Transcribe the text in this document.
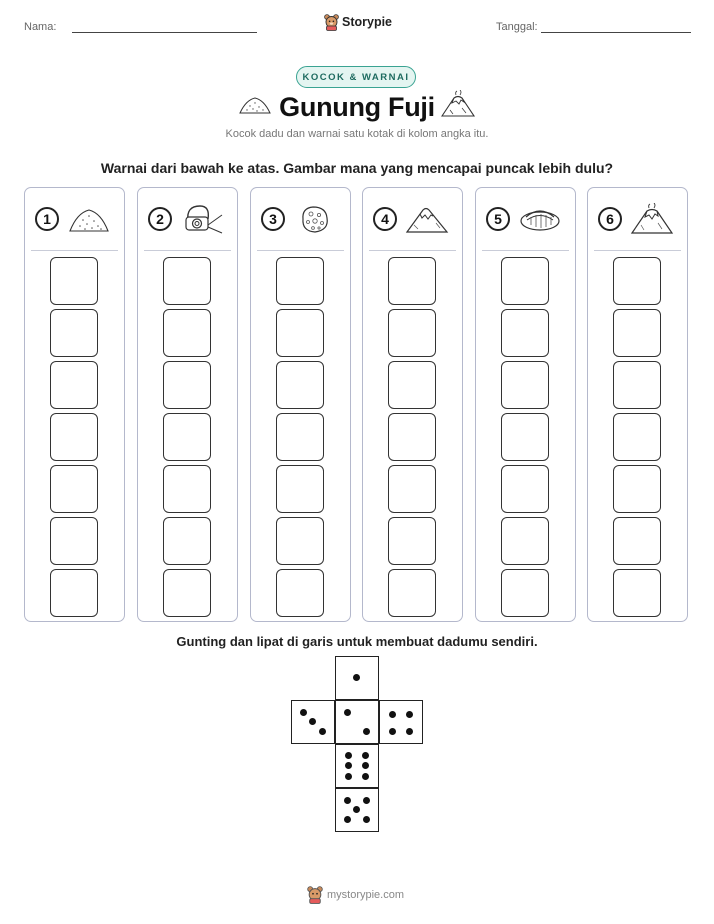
Nama:	Storypie	Tanggal:
KOCOK & WARNAI
Gunung Fuji
Kocok dadu dan warnai satu kotak di kolom angka itu.
Warnai dari bawah ke atas. Gambar mana yang mencapai puncak lebih dulu?
1	2	3	4	5	6
Gunting dan lipat di garis untuk membuat dadumu sendiri.
mystorypie.com
